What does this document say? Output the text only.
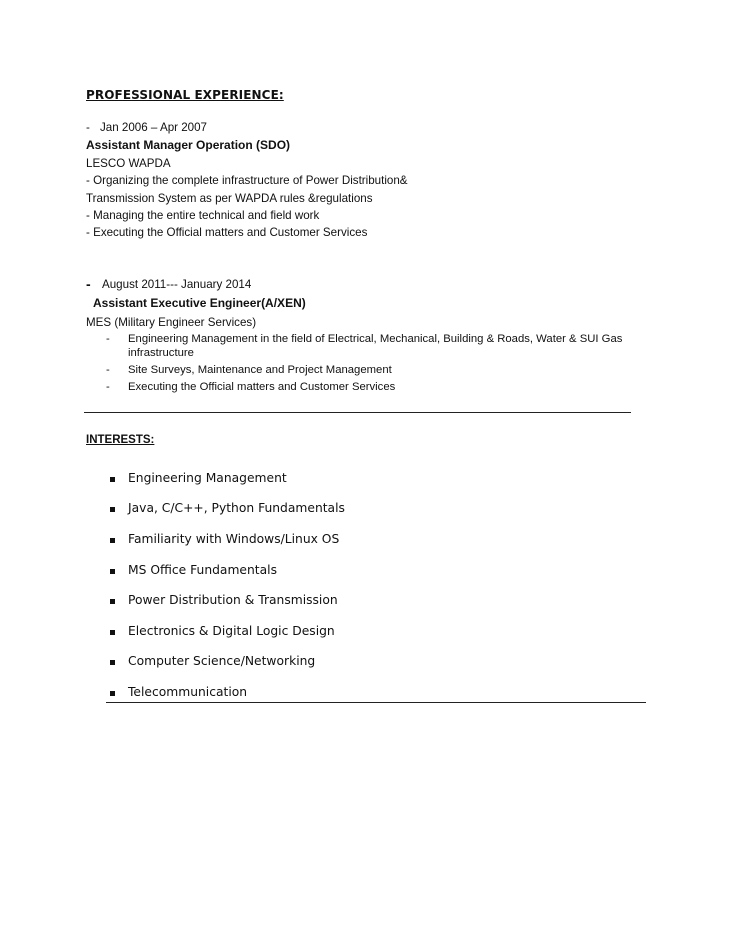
PROFESSIONAL EXPERIENCE:
- Jan 2006 – Apr 2007
Assistant Manager Operation (SDO)
LESCO WAPDA
- Organizing the complete infrastructure of Power Distribution&
Transmission System as per WAPDA rules &regulations
- Managing the entire technical and field work
- Executing the Official matters and Customer Services
- August 2011--- January 2014
Assistant Executive Engineer(A/XEN)
MES (Military Engineer Services)
- Engineering Management in the field of Electrical, Mechanical, Building & Roads, Water & SUI Gas
infrastructure
- Site Surveys, Maintenance and Project Management
- Executing the Official matters and Customer Services
INTERESTS:
Engineering Management
Java, C/C++, Python Fundamentals
Familiarity with Windows/Linux OS
MS Office Fundamentals
Power Distribution & Transmission
Electronics & Digital Logic Design
Computer Science/Networking
Telecommunication
